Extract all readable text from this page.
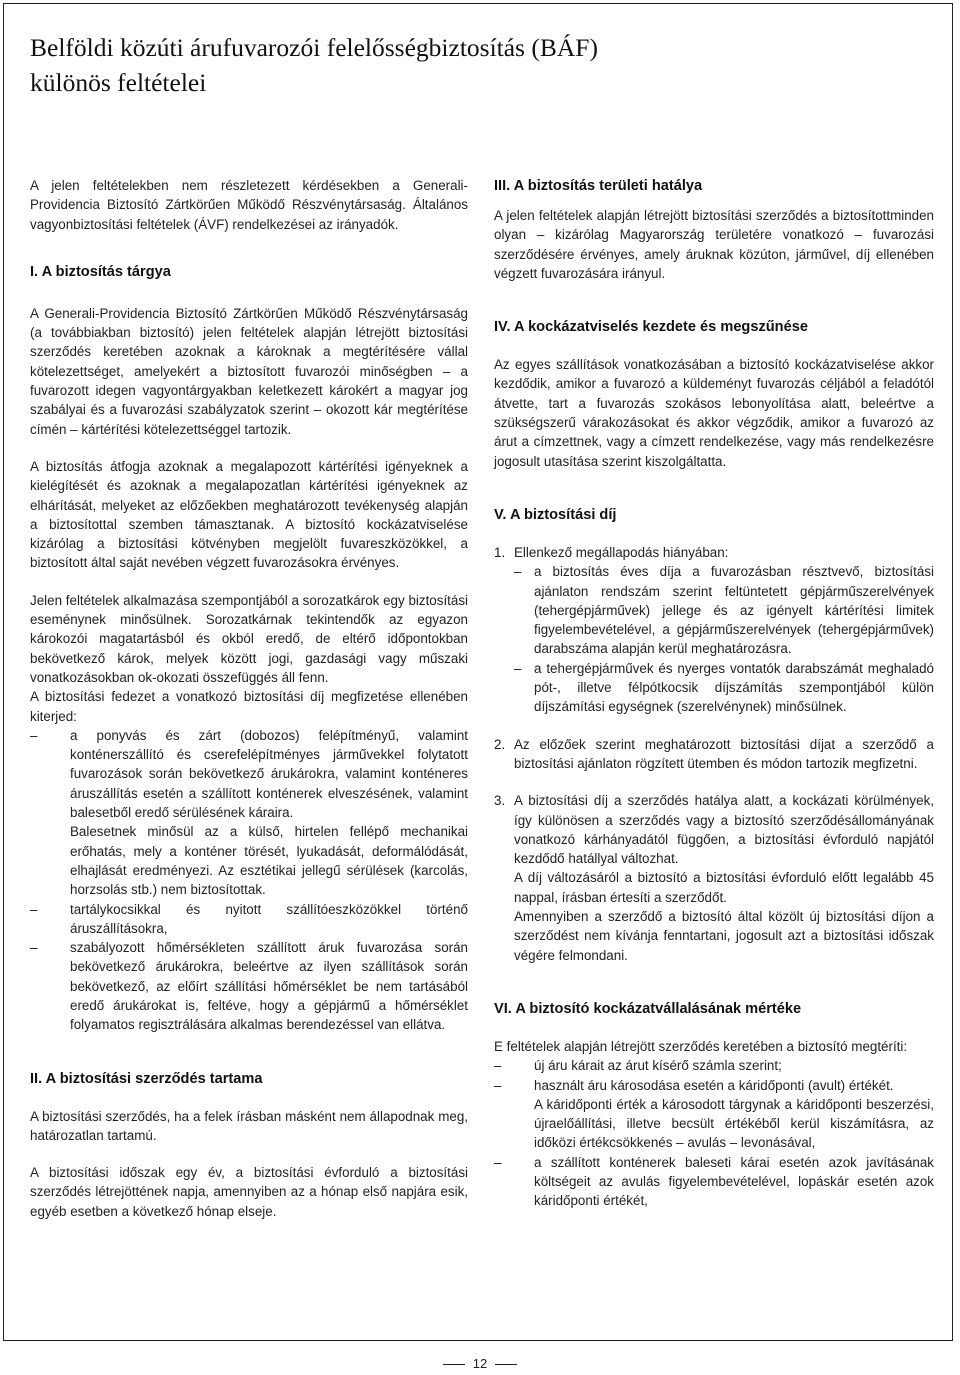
Belföldi közúti árufuvarozói felelősségbiztosítás (BÁF)
különös feltételei

A jelen feltételekben nem részletezett kérdésekben a Generali-Providencia Biztosító Zártkörűen Működő Részvénytársaság. Általános vagyonbiztosítási feltételek (ÁVF) rendelkezései az irányadók.

I. A biztosítás tárgya

A Generali-Providencia Biztosító Zártkörűen Működő Részvénytársaság (a továbbiakban biztosító) jelen feltételek alapján létrejött biztosítási szerződés keretében azoknak a károknak a megtérítésére vállal kötelezettséget, amelyekért a biztosított fuvarozói minőségben – a fuvarozott idegen vagyontárgyakban keletkezett károkért a magyar jog szabályai és a fuvarozási szabályzatok szerint – okozott kár megtérítése címén – kártérítési kötelezettséggel tartozik.

A biztosítás átfogja azoknak a megalapozott kártérítési igényeknek a kielégítését és azoknak a megalapozatlan kártérítési igényeknek az elhárítását, melyeket az előzőekben meghatározott tevékenység alapján a biztosítottal szemben támasztanak. A biztosító kockázatviselése kizárólag a biztosítási kötvényben megjelölt fuvareszközökkel, a biztosított által saját nevében végzett fuvarozásokra érvényes.

Jelen feltételek alkalmazása szempontjából a sorozatkárok egy biztosítási eseménynek minősülnek. Sorozatkárnak tekintendők az egyazon károkozói magatartásból és okból eredő, de eltérő időpontokban bekövetkező károk, melyek között jogi, gazdasági vagy műszaki vonatkozásokban ok-okozati összefüggés áll fenn.

A biztosítási fedezet a vonatkozó biztosítási díj megfizetése ellenében kiterjed:

–	a ponyvás és zárt (dobozos) felépítményű, valamint konténerszállító és cserefelépítményes járművekkel folytatott fuvarozások során bekövetkező árukárokra, valamint konténeres áruszállítás esetén a szállított konténerek elveszésének, valamint balesetből eredő sérülésének káraira.

Balesetnek minősül az a külső, hirtelen fellépő mechanikai erőhatás, mely a konténer törését, lyukadását, deformálódását, elhajlását eredményezi. Az esztétikai jellegű sérülések (karcolás, horzsolás stb.) nem biztosítottak.

–	tartálykocsikkal és nyitott szállítóeszközökkel történő áruszállításokra,

–	szabályozott hőmérsékleten szállított áruk fuvarozása során bekövetkező árukárokra, beleértve az ilyen szállítások során bekövetkező, az előírt szállítási hőmérséklet be nem tartásából eredő árukárokat is, feltéve, hogy a gépjármű a hőmérséklet folyamatos regisztrálására alkalmas berendezéssel van ellátva.

II. A biztosítási szerződés tartama

A biztosítási szerződés, ha a felek írásban másként nem állapodnak meg, határozatlan tartamú.

A biztosítási időszak egy év, a biztosítási évforduló a biztosítási szerződés létrejöttének napja, amennyiben az a hónap első napjára esik, egyéb esetben a következő hónap elseje.

III. A biztosítás területi hatálya

A jelen feltételek alapján létrejött biztosítási szerződés a biztosítottminden olyan – kizárólag Magyarország területére vonatkozó – fuvarozási szerződésére érvényes, amely áruknak közúton, járművel, díj ellenében végzett fuvarozására irányul.

IV. A kockázatviselés kezdete és megszűnése

Az egyes szállítások vonatkozásában a biztosító kockázatviselése akkor kezdődik, amikor a fuvarozó a küldeményt fuvarozás céljából a feladótól átvette, tart a fuvarozás szokásos lebonyolítása alatt, beleértve a szükségszerű várakozásokat és akkor végződik, amikor a fuvarozó az árut a címzettnek, vagy a címzett rendelkezése, vagy más rendelkezésre jogosult utasítása szerint kiszolgáltatta.

V. A biztosítási díj

1. Ellenkező megállapodás hiányában:

– a biztosítás éves díja a fuvarozásban résztvevő, biztosítási ajánlaton rendszám szerint feltüntetett gépjárműszerelvények (tehergépjárművek) jellege és az igényelt kártérítési limitek figyelembevételével, a gépjárműszerelvények (tehergépjárművek) darabszáma alapján kerül meghatározásra.

– a tehergépjárművek és nyerges vontatók darabszámát meghaladó pót-, illetve félpótkocsik díjszámítás szempontjából külön díjszámítási egységnek (szerelvénynek) minősülnek.

2. Az előzőek szerint meghatározott biztosítási díjat a szerződő a biztosítási ajánlaton rögzített ütemben és módon tartozik megfizetni.

3. A biztosítási díj a szerződés hatálya alatt, a kockázati körülmények, így különösen a szerződés vagy a biztosító szerződésállományának vonatkozó kárhányadától függően, a biztosítási évforduló napjától kezdődő hatállyal változhat.

A díj változásáról a biztosító a biztosítási évforduló előtt legalább 45 nappal, írásban értesíti a szerződőt.

Amennyiben a szerződő a biztosító által közölt új biztosítási díjon a szerződést nem kívánja fenntartani, jogosult azt a biztosítási időszak végére felmondani.

VI. A biztosító kockázatvállalásának mértéke

E feltételek alapján létrejött szerződés keretében a biztosító megtéríti:

–	új áru kárait az árut kísérő számla szerint;

–	használt áru károsodása esetén a káridőponti (avult) értékét.

A káridőponti érték a károsodott tárgynak a káridőponti beszerzési, újraelőállítási, illetve becsült értékéből kerül kiszámításra, az időközi értékcsökkenés – avulás – levonásával,

–	a szállított konténerek baleseti kárai esetén azok javításának költségeit az avulás figyelembevételével, lopáskár esetén azok káridőponti értékét,

12
